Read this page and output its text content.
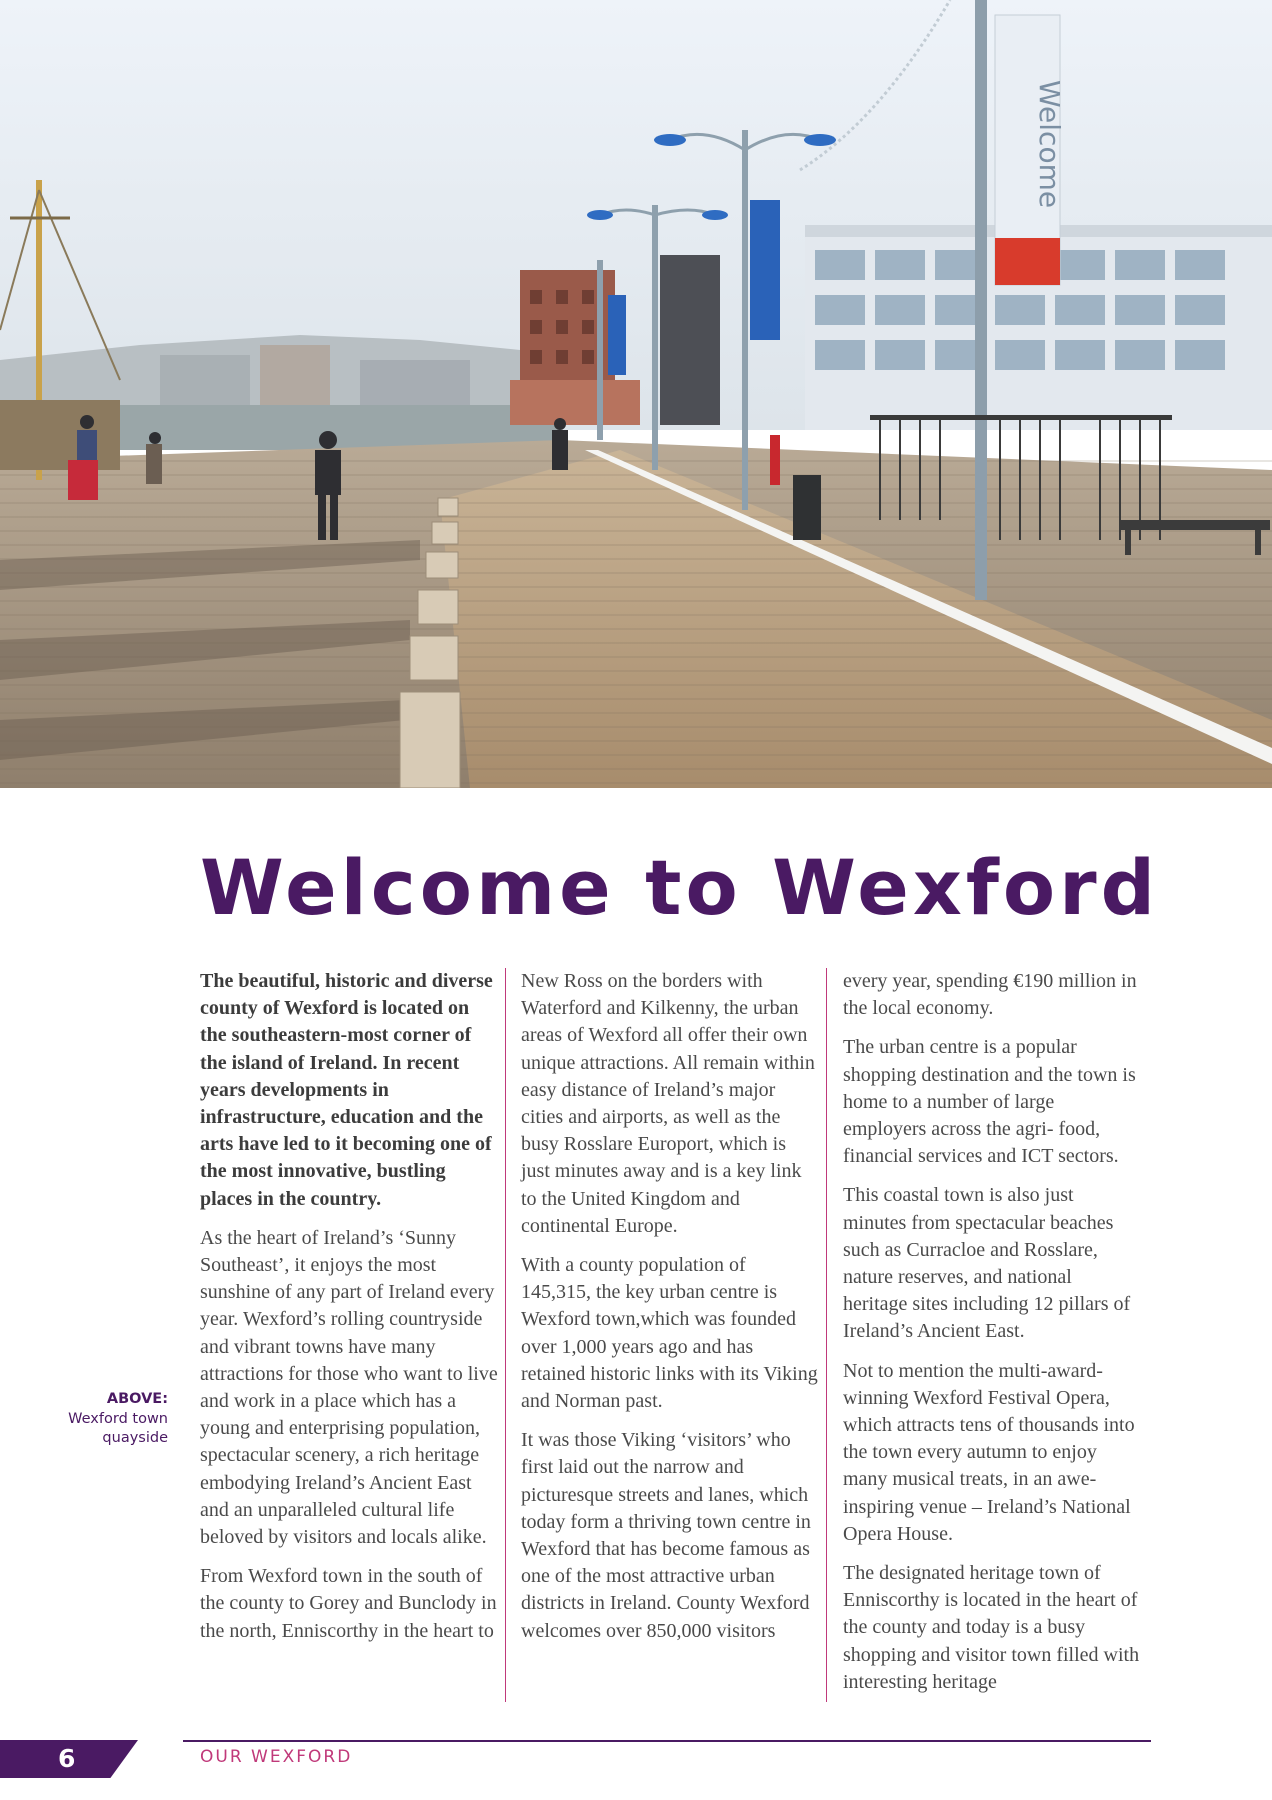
Welcome
Welcome to Wexford

The beautiful, historic and diverse county of Wexford is located on the southeastern-most corner of the island of Ireland. In recent years developments in infrastructure, education and the arts have led to it becoming one of the most innovative, bustling places in the country.

As the heart of Ireland’s ‘Sunny Southeast’, it enjoys the most sunshine of any part of Ireland every year. Wexford’s rolling countryside and vibrant towns have many attractions for those who want to live and work in a place which has a young and enterprising population, spectacular scenery, a rich heritage embodying Ireland’s Ancient East and an unparalleled cultural life beloved by visitors and locals alike.

From Wexford town in the south of the county to Gorey and Bunclody in the north, Enniscorthy in the heart to

New Ross on the borders with Waterford and Kilkenny, the urban areas of Wexford all offer their own unique attractions. All remain within easy distance of Ireland’s major cities and airports, as well as the busy Rosslare Europort, which is just minutes away and is a key link to the United Kingdom and continental Europe.

With a county population of 145,315, the key urban centre is Wexford town,which was founded over 1,000 years ago and has retained historic links with its Viking and Norman past.

It was those Viking ‘visitors’ who first laid out the narrow and picturesque streets and lanes, which today form a thriving town centre in Wexford that has become famous as one of the most attractive urban districts in Ireland. County Wexford welcomes over 850,000 visitors

every year, spending €190 million in the local economy.

The urban centre is a popular shopping destination and the town is home to a number of large employers across the agri- food, financial services and ICT sectors.

This coastal town is also just minutes from spectacular beaches such as Curracloe and Rosslare, nature reserves, and national heritage sites including 12 pillars of Ireland’s Ancient East.

Not to mention the multi-award-winning Wexford Festival Opera, which attracts tens of thousands into the town every autumn to enjoy many musical treats, in an awe-inspiring venue – Ireland’s National Opera House.

The designated heritage town of Enniscorthy is located in the heart of the county and today is a busy shopping and visitor town filled with interesting heritage

ABOVE:
Wexford town quayside
6	OUR WEXFORD
